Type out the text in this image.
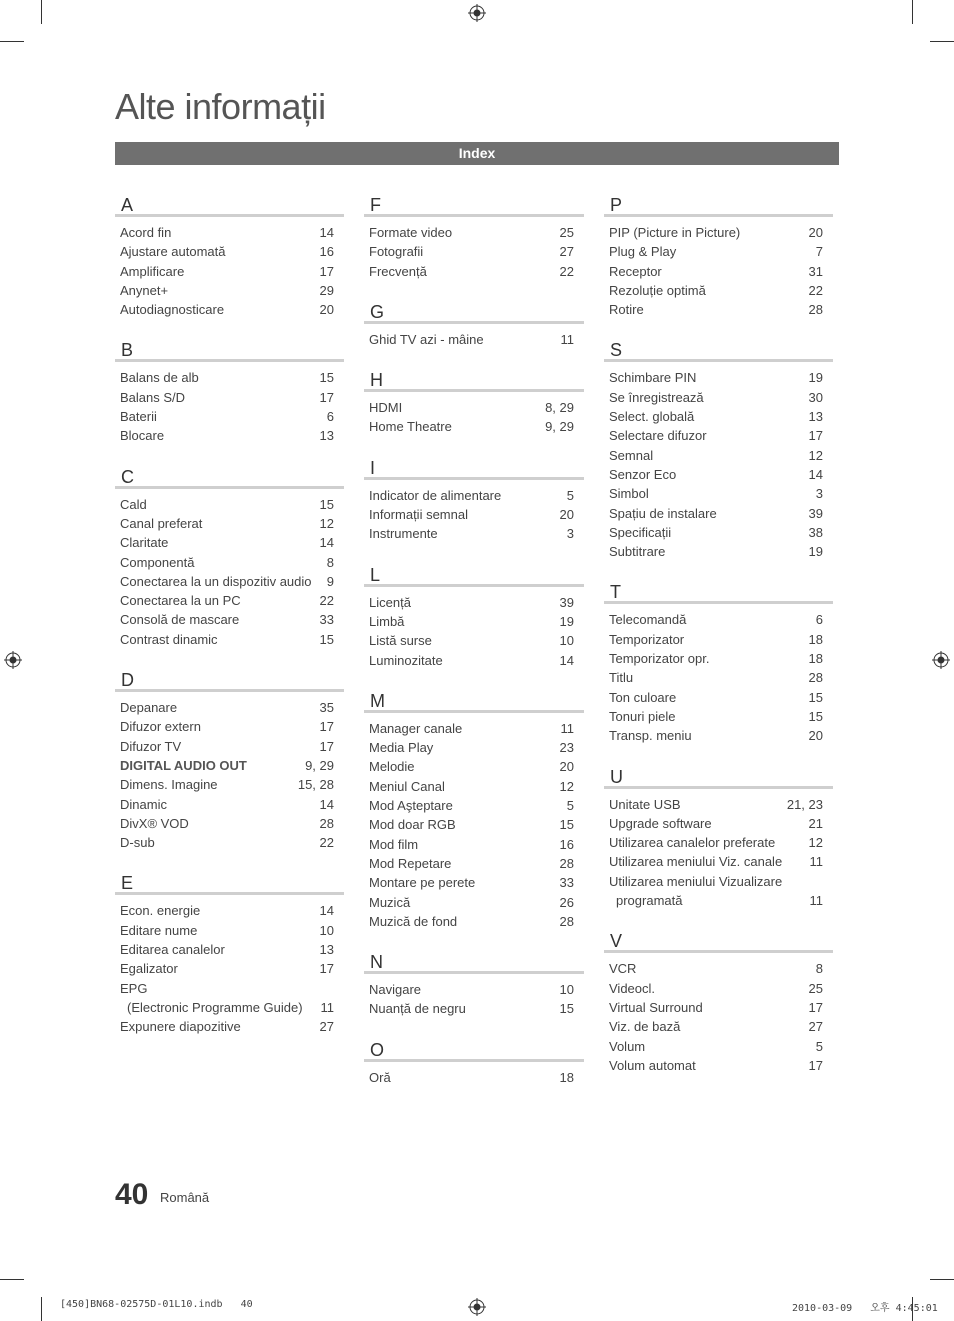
Alte informații
Index
A
Acord fin	14
Ajustare automată	16
Amplificare	17
Anynet+	29
Autodiagnosticare	20
B
Balans de alb	15
Balans S/D	17
Baterii	6
Blocare	13
C
Cald	15
Canal preferat	12
Claritate	14
Componentă	8
Conectarea la un dispozitiv audio	9
Conectarea la un PC	22
Consolă de mascare	33
Contrast dinamic	15
D
Depanare	35
Difuzor extern	17
Difuzor TV	17
DIGITAL AUDIO OUT	9, 29
Dimens. Imagine	15, 28
Dinamic	14
DivX® VOD	28
D-sub	22
E
Econ. energie	14
Editare nume	10
Editarea canalelor	13
Egalizator	17
EPG
(Electronic Programme Guide)	11
Expunere diapozitive	27
F
Formate video	25
Fotografii	27
Frecvență	22
G
Ghid TV azi - mâine	11
H
HDMI	8, 29
Home Theatre	9, 29
I
Indicator de alimentare	5
Informații semnal	20
Instrumente	3
L
Licență	39
Limbă	19
Listă surse	10
Luminozitate	14
M
Manager canale	11
Media Play	23
Melodie	20
Meniul Canal	12
Mod Aşteptare	5
Mod doar RGB	15
Mod film	16
Mod Repetare	28
Montare pe perete	33
Muzică	26
Muzică de fond	28
N
Navigare	10
Nuanță de negru	15
O
Oră	18
P
PIP (Picture in Picture)	20
Plug & Play	7
Receptor	31
Rezoluție optimă	22
Rotire	28
S
Schimbare PIN	19
Se înregistrează	30
Select. globală	13
Selectare difuzor	17
Semnal	12
Senzor Eco	14
Simbol	3
Spațiu de instalare	39
Specificații	38
Subtitrare	19
T
Telecomandă	6
Temporizator	18
Temporizator opr.	18
Titlu	28
Ton culoare	15
Tonuri piele	15
Transp. meniu	20
U
Unitate USB	21, 23
Upgrade software	21
Utilizarea canalelor preferate	12
Utilizarea meniului Viz. canale	11
Utilizarea meniului Vizualizare
programată	11
V
VCR	8
Videocl.	25
Virtual Surround	17
Viz. de bază	27
Volum	5
Volum automat	17
40 Română
[450]BN68-02575D-01L10.indb   40	2010-03-09   오후 4:45:01
